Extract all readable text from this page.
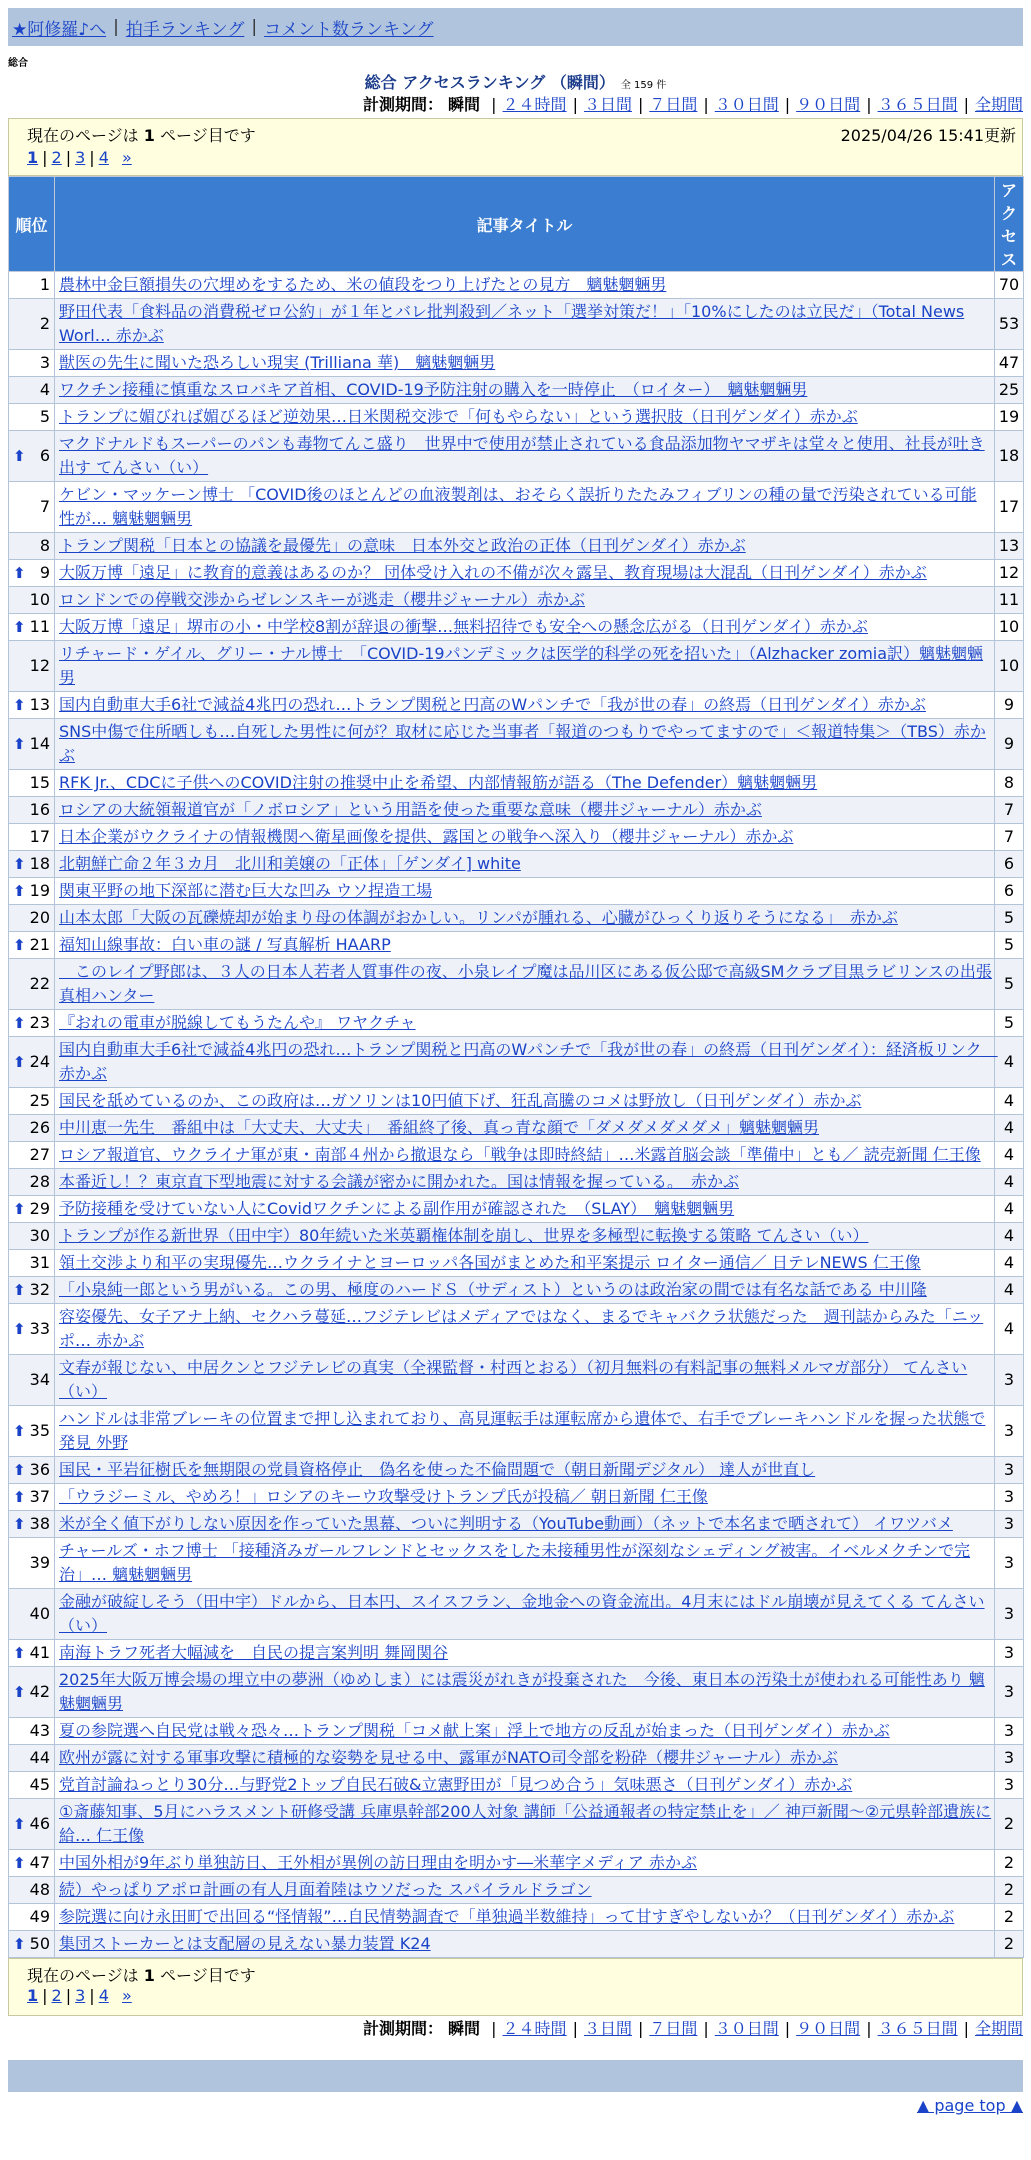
★阿修羅♪へ | 拍手ランキング | コメント数ランキング
総合
総合 アクセスランキング （瞬間） 全 159 件
計測期間： 瞬間 | ２４時間 | ３日間 | ７日間 | ３０日間 | ９０日間 | ３６５日間 | 全期間
現在のページは 1 ページ目です	2025/04/26 15:41更新
1 | 2 | 3 | 4 »
順位	記事タイトル	アクセス
1	農林中金巨額損失の穴埋めをするため、米の値段をつり上げたとの見方　魑魅魍魎男	70
2	野田代表「食料品の消費税ゼロ公約」が１年とバレ批判殺到／ネット「選挙対策だ！」「10%にしたのは立民だ」（Total News Worl… 赤かぶ	53
3	獣医の先生に聞いた恐ろしい現実 (Trilliana 華)　魑魅魍魎男	47
4	ワクチン接種に慎重なスロバキア首相、COVID-19予防注射の購入を一時停止　（ロイター）　魑魅魍魎男	25
5	トランプに媚びれば媚びるほど逆効果…日米関税交渉で「何もやらない」という選択肢（日刊ゲンダイ）赤かぶ	19

⬆ 6	マクドナルドもスーパーのパンも毒物てんこ盛り　世界中で使用が禁止されている食品添加物ヤマザキは堂々と使用、社長が吐き出す てんさい（い）	18
7	ケビン・マッケーン博士 「COVID後のほとんどの血液製剤は、おそらく誤折りたたみフィブリンの種の量で汚染されている可能性が… 魑魅魍魎男	17
8	トランプ関税「日本との協議を最優先」の意味　日本外交と政治の正体（日刊ゲンダイ）赤かぶ	13

⬆ 9	大阪万博「遠足」に教育的意義はあるのか？ 団体受け入れの不備が次々露呈、教育現場は大混乱（日刊ゲンダイ）赤かぶ	12
10	ロンドンでの停戦交渉からゼレンスキーが逃走（櫻井ジャーナル）赤かぶ	11

⬆ 11	大阪万博「遠足」堺市の小・中学校8割が辞退の衝撃…無料招待でも安全への懸念広がる（日刊ゲンダイ）赤かぶ	10
12	リチャード・ゲイル、グリー・ナル博士　「COVID-19パンデミックは医学的科学の死を招いた」（Alzhacker zomia訳）魑魅魍魎男	10

⬆ 13	国内自動車大手6社で減益4兆円の恐れ…トランプ関税と円高のWパンチで「我が世の春」の終焉（日刊ゲンダイ）赤かぶ	9

⬆ 14	SNS中傷で住所晒しも…自死した男性に何が？取材に応じた当事者「報道のつもりでやってますので」＜報道特集＞（TBS）赤かぶ	9
15	RFK Jr.、CDCに子供へのCOVID注射の推奨中止を希望、内部情報筋が語る（The Defender）魑魅魍魎男	8
16	ロシアの大統領報道官が「ノボロシア」という用語を使った重要な意味（櫻井ジャーナル）赤かぶ	7
17	日本企業がウクライナの情報機関へ衛星画像を提供、露国との戦争へ深入り（櫻井ジャーナル）赤かぶ	7

⬆ 18	北朝鮮亡命２年３カ月　北川和美嬢の「正体」［ゲンダイ] white	6

⬆ 19	関東平野の地下深部に潜む巨大な凹み ウソ捏造工場	6
20	山本太郎「大阪の瓦礫焼却が始まり母の体調がおかしい。リンパが腫れる、心臓がひっくり返りそうになる」　赤かぶ	5

⬆ 21	福知山線事故：白い車の謎 / 写真解析 HAARP	5
22	　このレイプ野郎は、３人の日本人若者人質事件の夜、小泉レイプ魔は品川区にある仮公邸で高級SMクラブ目黒ラビリンスの出張 真相ハンター	5

⬆ 23	『おれの電車が脱線してもうたんや』 ワヤクチャ	5

⬆ 24	国内自動車大手6社で減益4兆円の恐れ…トランプ関税と円高のWパンチで「我が世の春」の終焉（日刊ゲンダイ）：経済板リンク　赤かぶ	4
25	国民を舐めているのか、この政府は…ガソリンは10円値下げ、狂乱高騰のコメは野放し（日刊ゲンダイ）赤かぶ	4
26	中川恵一先生　番組中は「大丈夫、大丈夫」　番組終了後、真っ青な顔で「ダメダメダメダメ」魑魅魍魎男	4
27	ロシア報道官、ウクライナ軍が東・南部４州から撤退なら「戦争は即時終結」…米露首脳会談「準備中」とも／ 読売新聞 仁王像	4
28	本番近し！？東京直下型地震に対する会議が密かに開かれた。国は情報を握っている。　赤かぶ	4

⬆ 29	予防接種を受けていない人にCovidワクチンによる副作用が確認された　（SLAY）　魑魅魍魎男	4
30	トランプが作る新世界（田中宇）80年続いた米英覇権体制を崩し、世界を多極型に転換する策略 てんさい（い）	4
31	領土交渉より和平の実現優先…ウクライナとヨーロッパ各国がまとめた和平案提示 ロイター通信／ 日テレNEWS 仁王像	4

⬆ 32	「小泉純一郎という男がいる。この男、極度のハードＳ（サディスト）というのは政治家の間では有名な話である 中川隆	4

⬆ 33	容姿優先、女子アナ上納、セクハラ蔓延…フジテレビはメディアではなく、まるでキャバクラ状態だった　週刊誌からみた「ニッポ… 赤かぶ	4
34	文春が報じない、中居クンとフジテレビの真実（全裸監督・村西とおる）（初月無料の有料記事の無料メルマガ部分） てんさい（い）	3

⬆ 35	ハンドルは非常ブレーキの位置まで押し込まれており、高見運転手は運転席から遺体で、右手でブレーキハンドルを握った状態で発見 外野	3

⬆ 36	国民・平岩征樹氏を無期限の党員資格停止　偽名を使った不倫問題で（朝日新聞デジタル） 達人が世直し	3

⬆ 37	「ウラジーミル、やめろ！」ロシアのキーウ攻撃受けトランプ氏が投稿／ 朝日新聞 仁王像	3

⬆ 38	米が全く値下がりしない原因を作っていた黒幕、ついに判明する（YouTube動画）（ネットで本名まで晒されて） イワツバメ	3
39	チャールズ・ホフ博士 「接種済みガールフレンドとセックスをした未接種男性が深刻なシェディング被害。イベルメクチンで完治」… 魑魅魍魎男	3
40	金融が破綻しそう（田中宇）ドルから、日本円、スイスフラン、金地金への資金流出。4月末にはドル崩壊が見えてくる てんさい（い）	3

⬆ 41	南海トラフ死者大幅減を　自民の提言案判明 舞岡関谷	3

⬆ 42	2025年大阪万博会場の埋立中の夢洲（ゆめしま）には震災がれきが投棄された　今後、東日本の汚染土が使われる可能性あり 魑魅魍魎男	3
43	夏の参院選へ自民党は戦々恐々…トランプ関税「コメ献上案」浮上で地方の反乱が始まった（日刊ゲンダイ）赤かぶ	3
44	欧州が露に対する軍事攻撃に積極的な姿勢を見せる中、露軍がNATO司令部を粉砕（櫻井ジャーナル）赤かぶ	3
45	党首討論ねっとり30分…与野党2トップ自民石破&立憲野田が「見つめ合う」気味悪さ（日刊ゲンダイ）赤かぶ	3

⬆ 46	①斎藤知事、5月にハラスメント研修受講 兵庫県幹部200人対象 講師「公益通報者の特定禁止を」／ 神戸新聞～②元県幹部遺族に給… 仁王像	2

⬆ 47	中国外相が9年ぶり単独訪日、王外相が異例の訪日理由を明かす―米華字メディア 赤かぶ	2
48	続）やっぱりアポロ計画の有人月面着陸はウソだった スパイラルドラゴン	2
49	参院選に向け永田町で出回る“怪情報”…自民情勢調査で「単独過半数維持」って甘すぎやしないか？（日刊ゲンダイ）赤かぶ	2

⬆ 50	集団ストーカーとは支配層の見えない暴力装置 K24	2
現在のページは 1 ページ目です
1 | 2 | 3 | 4 »
計測期間： 瞬間 | ２４時間 | ３日間 | ７日間 | ３０日間 | ９０日間 | ３６５日間 | 全期間
▲ page top ▲
